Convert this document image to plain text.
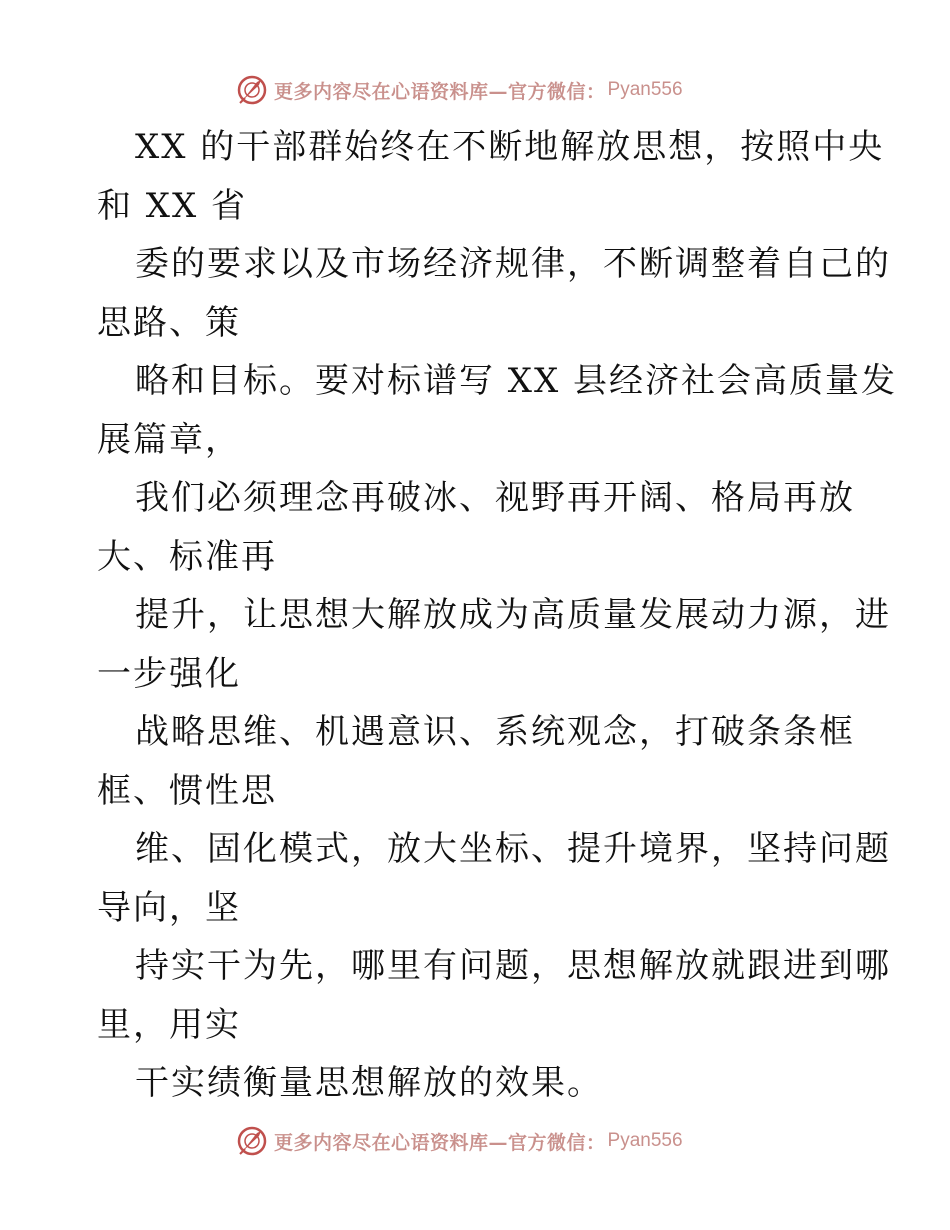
更多内容尽在心语资料库—官方微信： Pyan556
XX 的干部群始终在不断地解放思想，按照中央
和 XX 省
委的要求以及市场经济规律，不断调整着自己的
思路、策
略和目标。要对标谱写 XX 县经济社会高质量发
展篇章，
我们必须理念再破冰、视野再开阔、格局再放
大、标准再
提升，让思想大解放成为高质量发展动力源，进
一步强化
战略思维、机遇意识、系统观念，打破条条框
框、惯性思
维、固化模式，放大坐标、提升境界，坚持问题
导向，坚
持实干为先，哪里有问题，思想解放就跟进到哪
里，用实
干实绩衡量思想解放的效果。
更多内容尽在心语资料库—官方微信： Pyan556
